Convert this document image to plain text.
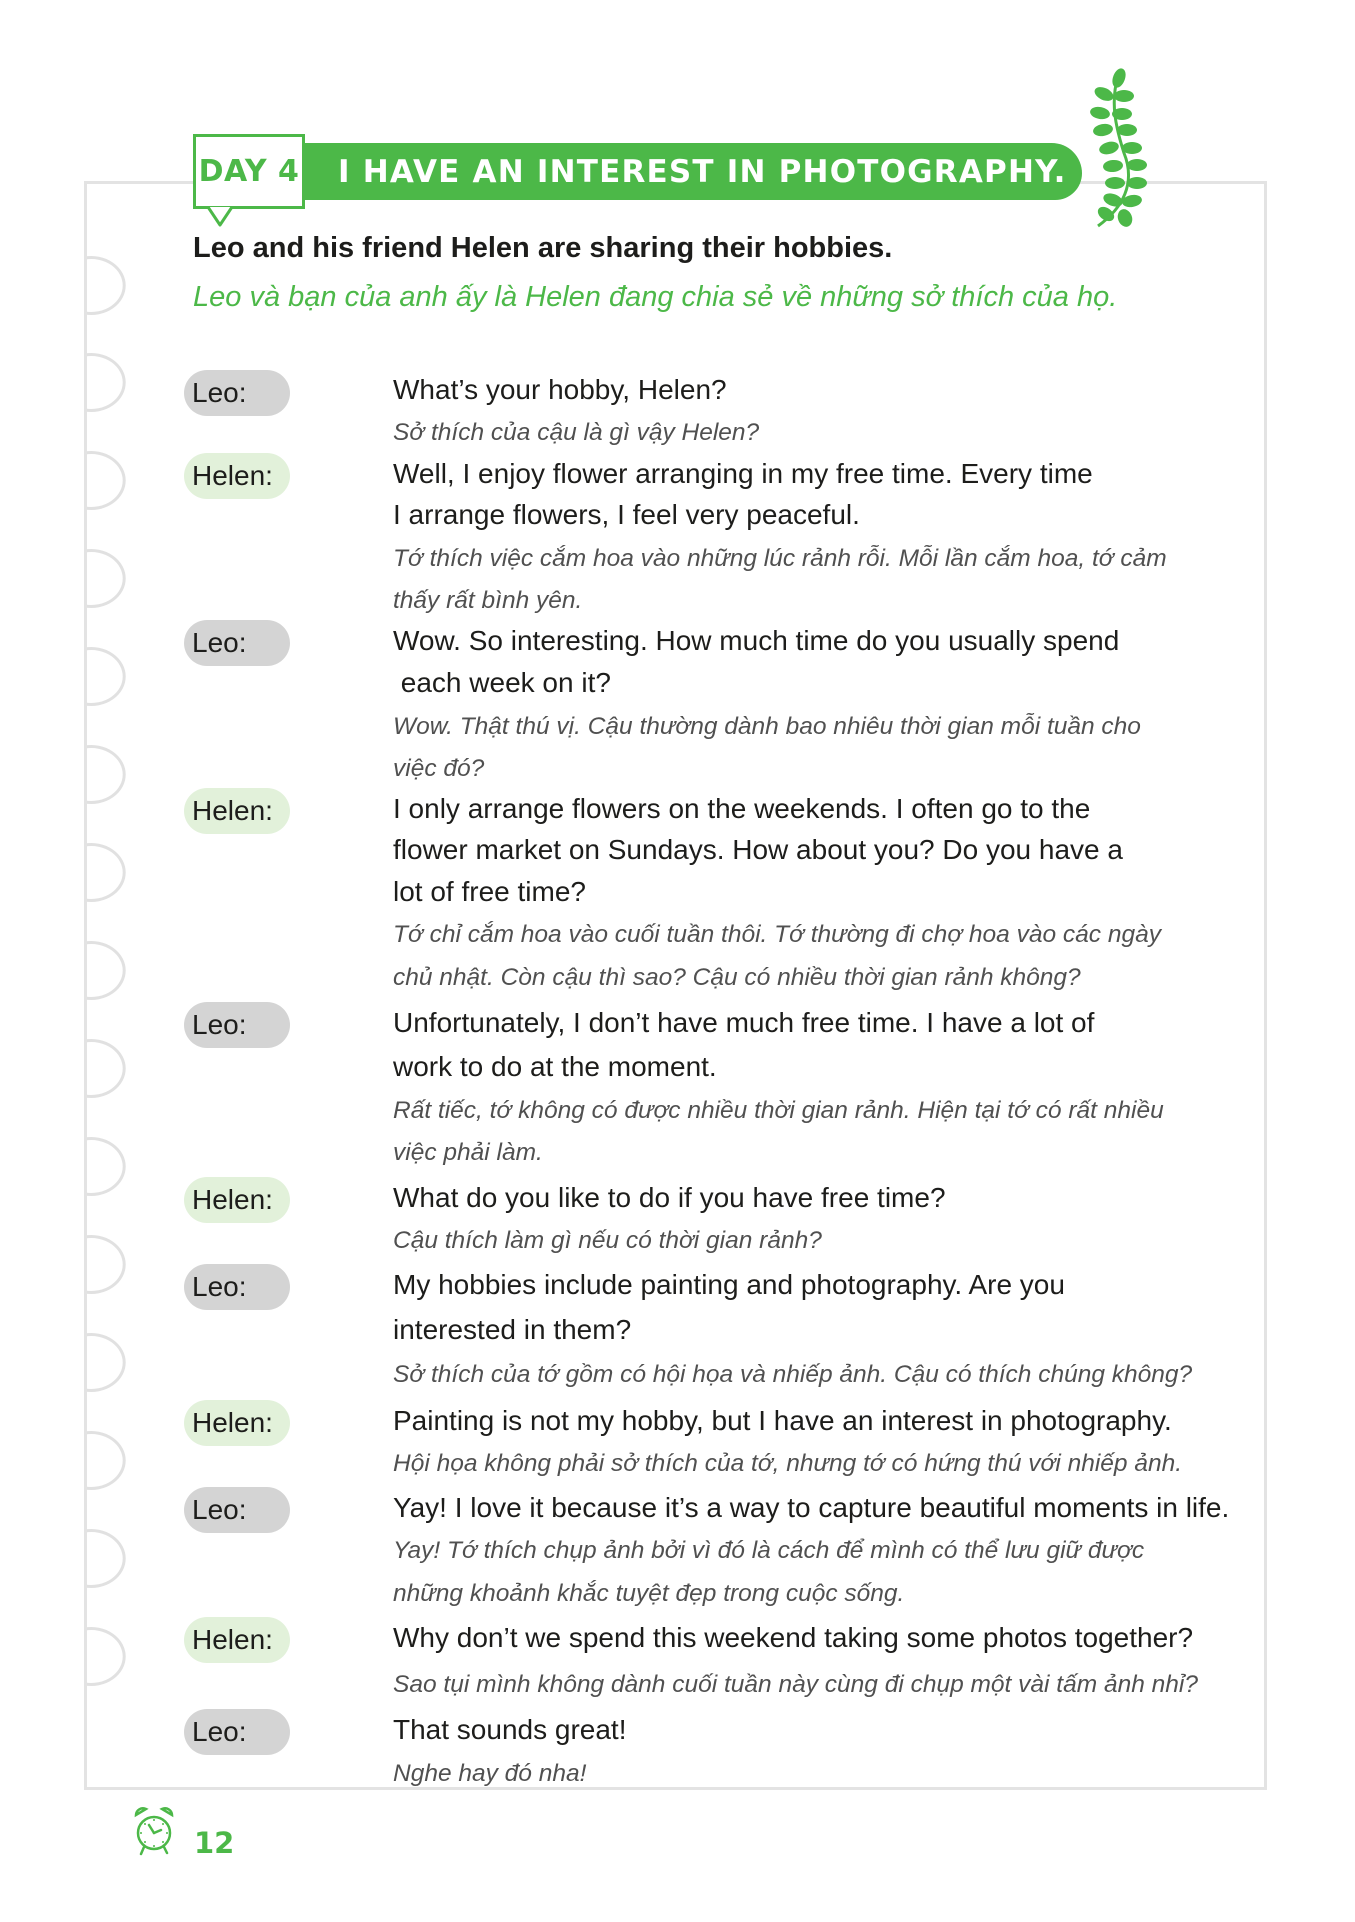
DAY 4 I HAVE AN INTEREST IN PHOTOGRAPHY.
Leo and his friend Helen are sharing their hobbies.
Leo và bạn của anh ấy là Helen đang chia sẻ về những sở thích của họ.
Leo:	What’s your hobby, Helen?
Sở thích của cậu là gì vậy Helen?
Helen:	Well, I enjoy flower arranging in my free time. Every time
I arrange flowers, I feel very peaceful.
Tớ thích việc cắm hoa vào những lúc rảnh rỗi. Mỗi lần cắm hoa, tớ cảm
thấy rất bình yên.
Leo:	Wow. So interesting. How much time do you usually spend
each week on it?
Wow. Thật thú vị. Cậu thường dành bao nhiêu thời gian mỗi tuần cho
việc đó?
Helen:	I only arrange flowers on the weekends. I often go to the
flower market on Sundays. How about you? Do you have a
lot of free time?
Tớ chỉ cắm hoa vào cuối tuần thôi. Tớ thường đi chợ hoa vào các ngày
chủ nhật. Còn cậu thì sao? Cậu có nhiều thời gian rảnh không?
Leo:	Unfortunately, I don’t have much free time. I have a lot of
work to do at the moment.
Rất tiếc, tớ không có được nhiều thời gian rảnh. Hiện tại tớ có rất nhiều
việc phải làm.
Helen:	What do you like to do if you have free time?
Cậu thích làm gì nếu có thời gian rảnh?
Leo:	My hobbies include painting and photography. Are you
interested in them?
Sở thích của tớ gồm có hội họa và nhiếp ảnh. Cậu có thích chúng không?
Helen:	Painting is not my hobby, but I have an interest in photography.
Hội họa không phải sở thích của tớ, nhưng tớ có hứng thú với nhiếp ảnh.
Leo:	Yay! I love it because it’s a way to capture beautiful moments in life.
Yay! Tớ thích chụp ảnh bởi vì đó là cách để mình có thể lưu giữ được
những khoảnh khắc tuyệt đẹp trong cuộc sống.
Helen:	Why don’t we spend this weekend taking some photos together?
Sao tụi mình không dành cuối tuần này cùng đi chụp một vài tấm ảnh nhỉ?
Leo:	That sounds great!
Nghe hay đó nha!
12
